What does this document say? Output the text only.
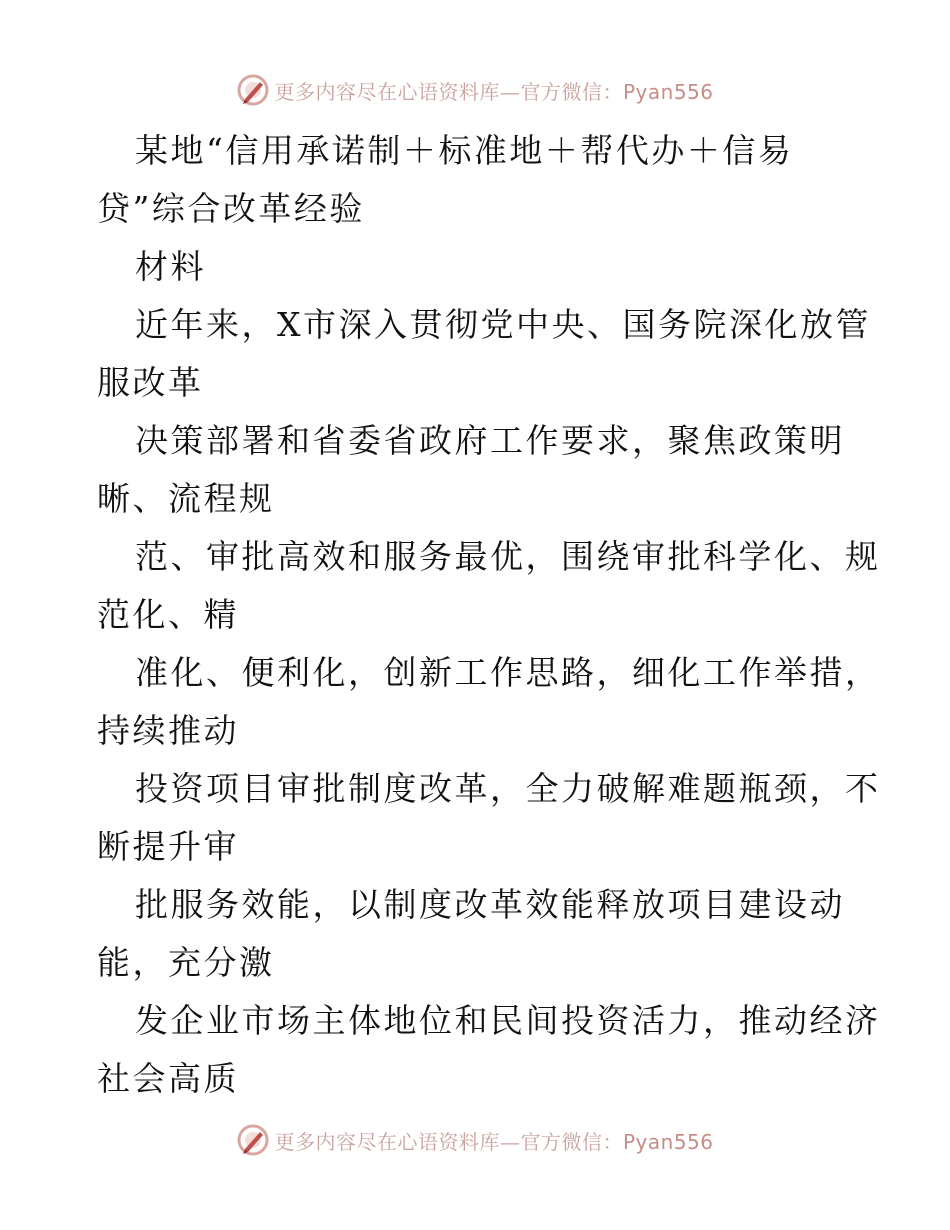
更多内容尽在心语资料库—官方微信：Pyan556
某地“信用承诺制＋标准地＋帮代办＋信易
贷”综合改革经验
材料
近年来，X市深入贯彻党中央、国务院深化放管
服改革
决策部署和省委省政府工作要求，聚焦政策明
晰、流程规
范、审批高效和服务最优，围绕审批科学化、规
范化、精
准化、便利化，创新工作思路，细化工作举措，
持续推动
投资项目审批制度改革，全力破解难题瓶颈，不
断提升审
批服务效能，以制度改革效能释放项目建设动
能，充分激
发企业市场主体地位和民间投资活力，推动经济
社会高质
更多内容尽在心语资料库—官方微信：Pyan556
